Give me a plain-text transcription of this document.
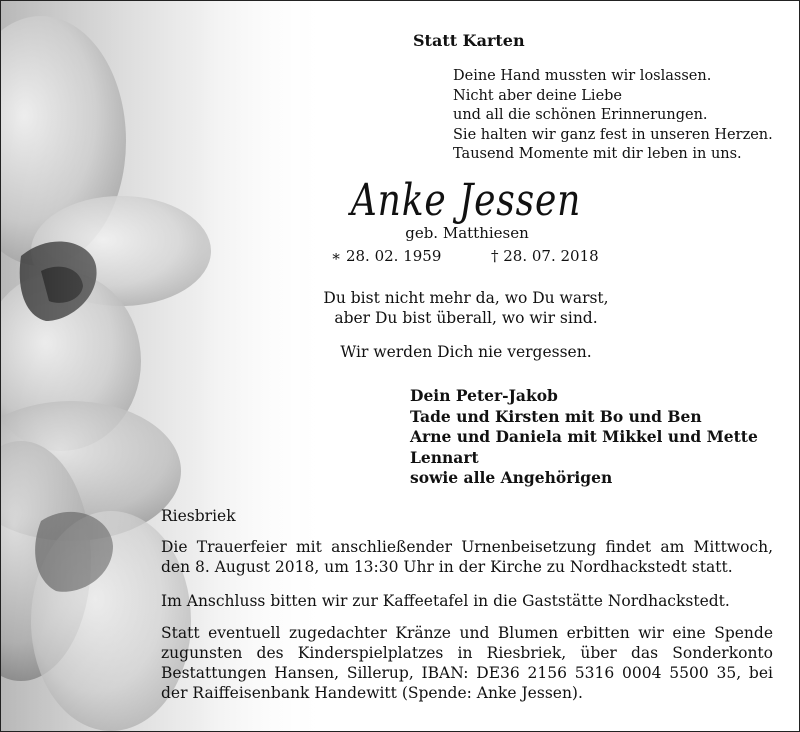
Statt Karten
Deine Hand mussten wir loslassen.
Nicht aber deine Liebe
und all die schönen Erinnerungen.
Sie halten wir ganz fest in unseren Herzen.
Tausend Momente mit dir leben in uns.
Anke Jessen
geb. Matthiesen
∗ 28. 02. 1959	† 28. 07. 2018
Du bist nicht mehr da, wo Du warst,
aber Du bist überall, wo wir sind.
Wir werden Dich nie vergessen.
Dein Peter-Jakob
Tade und Kirsten mit Bo und Ben
Arne und Daniela mit Mikkel und Mette
Lennart
sowie alle Angehörigen
Riesbriek
Die Trauerfeier mit anschließender Urnenbeisetzung findet am Mittwoch, den 8. August 2018, um 13:30 Uhr in der Kirche zu Nordhackstedt statt.
Im Anschluss bitten wir zur Kaffeetafel in die Gaststätte Nordhackstedt.
Statt eventuell zugedachter Kränze und Blumen erbitten wir eine Spende zugunsten des Kinderspielplatzes in Riesbriek, über das Sonderkonto Bestattungen Hansen, Sillerup, IBAN: DE36 2156 5316 0004 5500 35, bei der Raiffeisenbank Handewitt (Spende: Anke Jessen).
